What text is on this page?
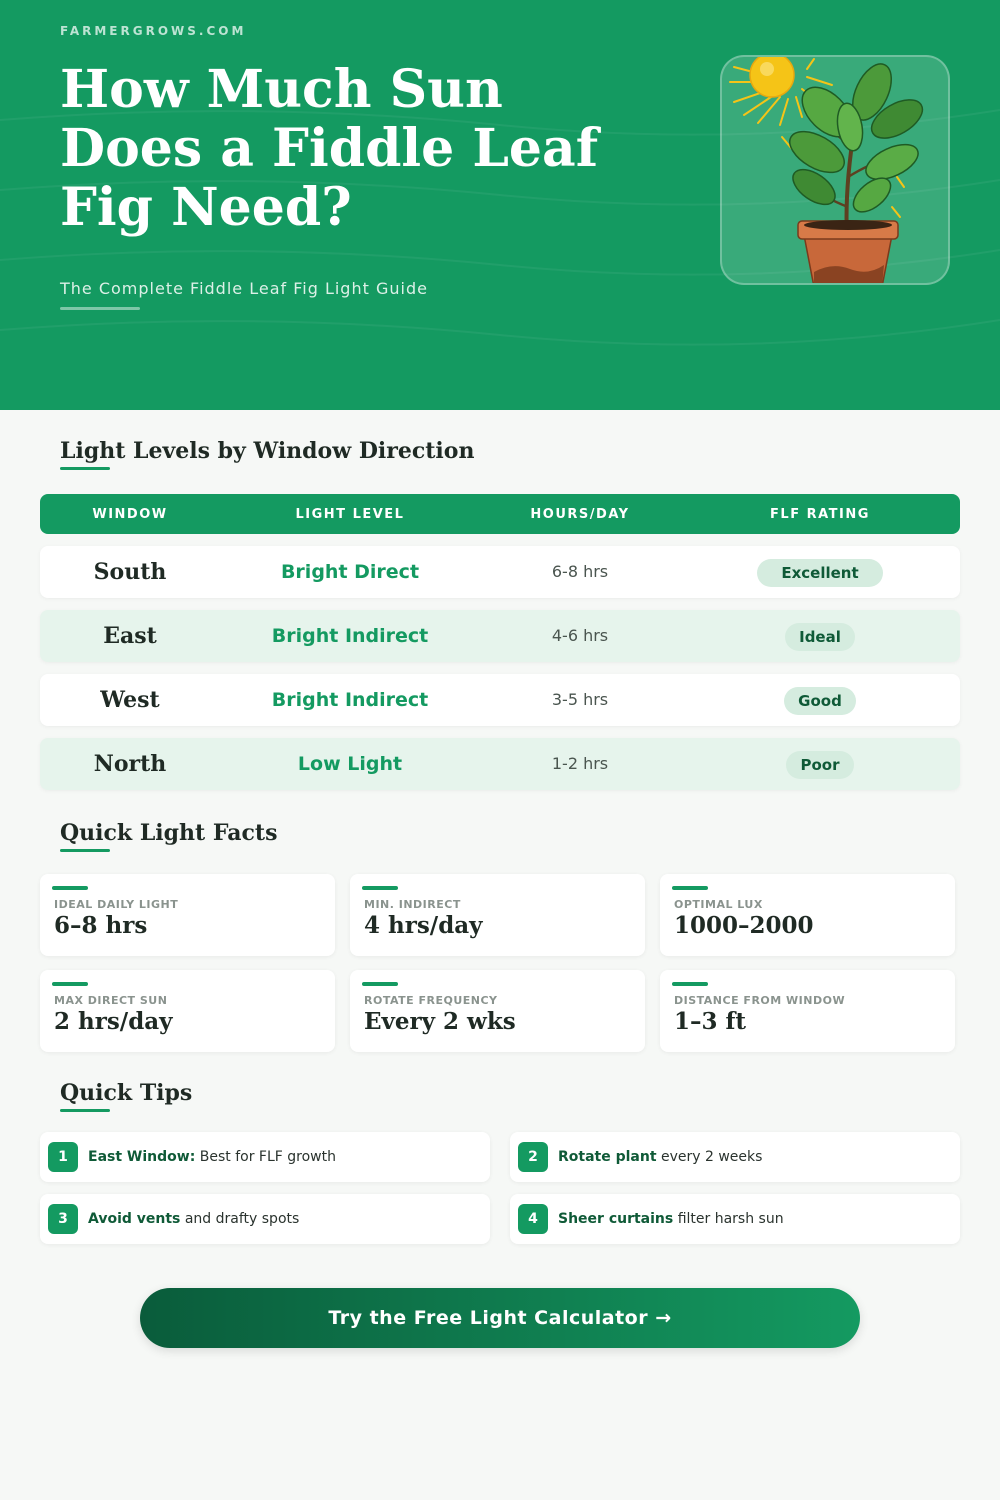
FARMERGROWS.COM
How Much Sun Does a Fiddle Leaf Fig Need?
The Complete Fiddle Leaf Fig Light Guide
Light Levels by Window Direction
WINDOW	LIGHT LEVEL	HOURS/DAY	FLF RATING
South	Bright Direct	6-8 hrs	Excellent
East	Bright Indirect	4-6 hrs	Ideal
West	Bright Indirect	3-5 hrs	Good
North	Low Light	1-2 hrs	Poor
Quick Light Facts
IDEAL DAILY LIGHT
6–8 hrs
MIN. INDIRECT
4 hrs/day
OPTIMAL LUX
1000–2000
MAX DIRECT SUN
2 hrs/day
ROTATE FREQUENCY
Every 2 wks
DISTANCE FROM WINDOW
1–3 ft
Quick Tips
1	East Window: Best for FLF growth	2	Rotate plant every 2 weeks
3	Avoid vents and drafty spots	4	Sheer curtains filter harsh sun
Try the Free Light Calculator →
